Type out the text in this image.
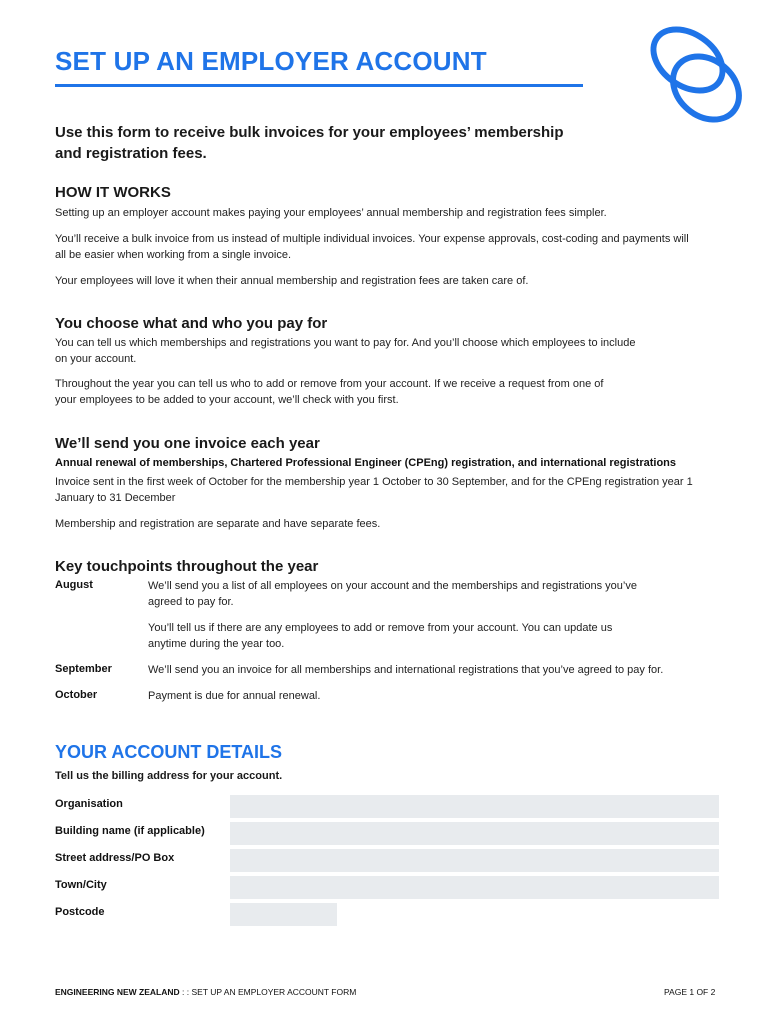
SET UP AN EMPLOYER ACCOUNT
Use this form to receive bulk invoices for your employees’ membership and registration fees.
HOW IT WORKS
Setting up an employer account makes paying your employees’ annual membership and registration fees simpler.
You’ll receive a bulk invoice from us instead of multiple individual invoices. Your expense approvals, cost-coding and payments will all be easier when working from a single invoice.
Your employees will love it when their annual membership and registration fees are taken care of.
You choose what and who you pay for
You can tell us which memberships and registrations you want to pay for. And you’ll choose which employees to include on your account.
Throughout the year you can tell us who to add or remove from your account. If we receive a request from one of your employees to be added to your account, we’ll check with you first.
We’ll send you one invoice each year
Annual renewal of memberships, Chartered Professional Engineer (CPEng) registration, and international registrations
Invoice sent in the first week of October for the membership year 1 October to 30 September, and for the CPEng registration year 1 January to 31 December
Membership and registration are separate and have separate fees.
Key touchpoints throughout the year
August	We’ll send you a list of all employees on your account and the memberships and registrations you’ve agreed to pay for.
You’ll tell us if there are any employees to add or remove from your account. You can update us anytime during the year too.
September	We’ll send you an invoice for all memberships and international registrations that you’ve agreed to pay for.
October	Payment is due for annual renewal.
YOUR ACCOUNT DETAILS
Tell us the billing address for your account.
Organisation
Building name (if applicable)
Street address/PO Box
Town/City
Postcode
ENGINEERING NEW ZEALAND : : SET UP AN EMPLOYER ACCOUNT FORM	PAGE 1 OF 2
